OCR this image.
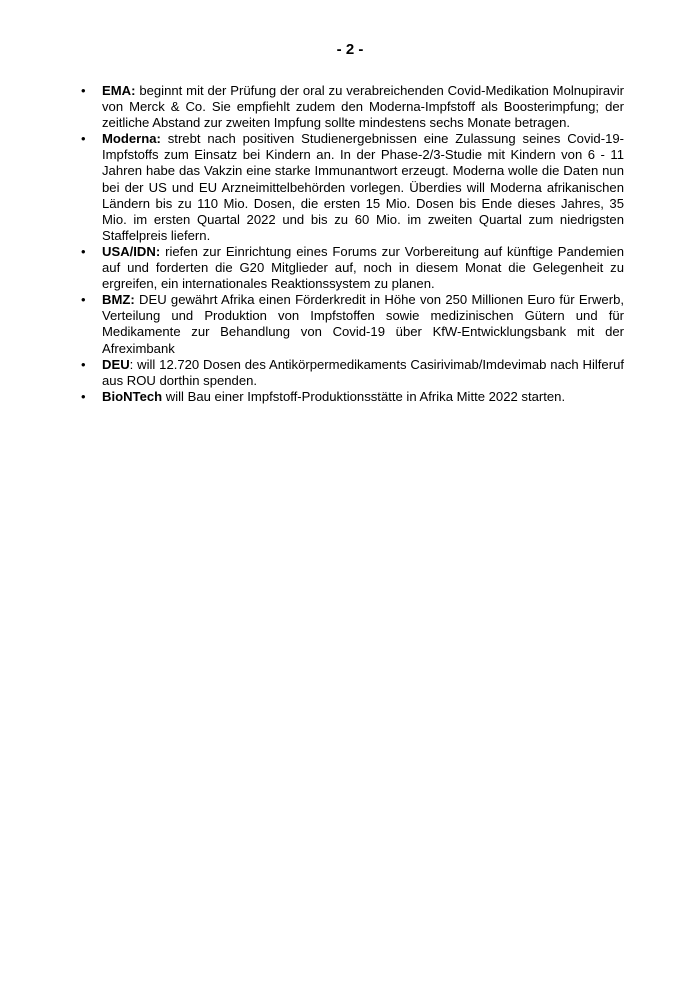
- 2 -
• EMA: beginnt mit der Prüfung der oral zu verabreichenden Covid-Medikation Molnupiravir von Merck & Co. Sie empfiehlt zudem den Moderna-Impfstoff als Boosterimpfung; der zeitliche Abstand zur zweiten Impfung sollte mindestens sechs Monate betragen.
• Moderna: strebt nach positiven Studienergebnissen eine Zulassung seines Covid-19-Impfstoffs zum Einsatz bei Kindern an. In der Phase-2/3-Studie mit Kindern von 6 - 11 Jahren habe das Vakzin eine starke Immunantwort erzeugt. Moderna wolle die Daten nun bei der US und EU Arzneimittelbehörden vorlegen. Überdies will Moderna afrikanischen Ländern bis zu 110 Mio. Dosen, die ersten 15 Mio. Dosen bis Ende dieses Jahres, 35 Mio. im ersten Quartal 2022 und bis zu 60 Mio. im zweiten Quartal zum niedrigsten Staffelpreis liefern.
• USA/IDN: riefen zur Einrichtung eines Forums zur Vorbereitung auf künftige Pandemien auf und forderten die G20 Mitglieder auf, noch in diesem Monat die Gelegenheit zu ergreifen, ein internationales Reaktionssystem zu planen.
• BMZ: DEU gewährt Afrika einen Förderkredit in Höhe von 250 Millionen Euro für Erwerb, Verteilung und Produktion von Impfstoffen sowie medizinischen Gütern und für Medikamente zur Behandlung von Covid-19 über KfW-Entwicklungsbank mit der Afreximbank
• DEU: will 12.720 Dosen des Antikörpermedikaments Casirivimab/Imdevimab nach Hilferuf aus ROU dorthin spenden.
• BioNTech will Bau einer Impfstoff-Produktionsstätte in Afrika Mitte 2022 starten.
